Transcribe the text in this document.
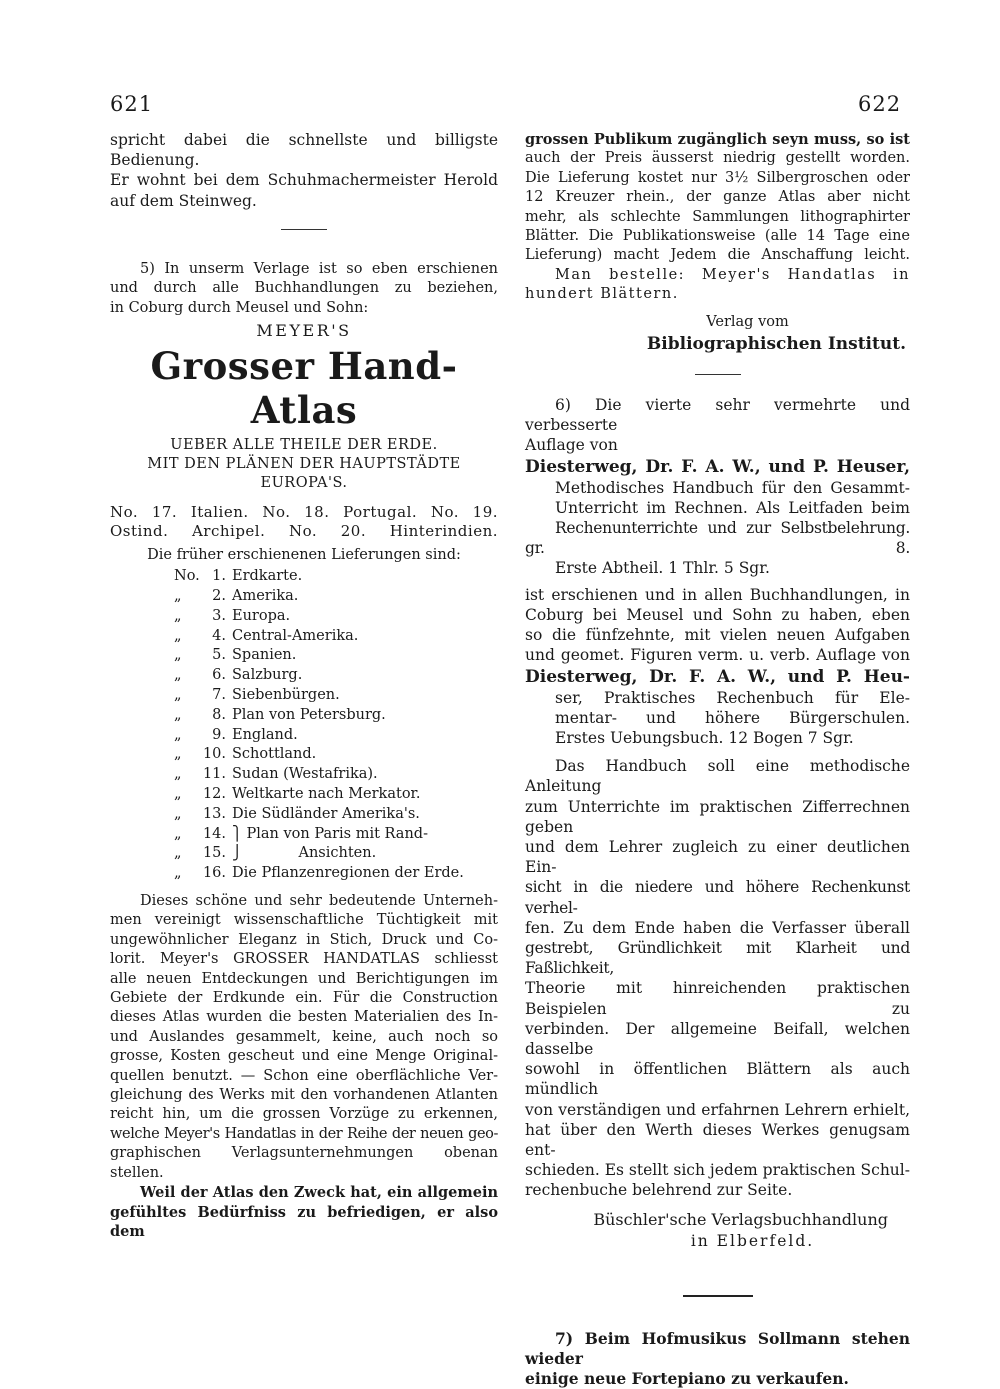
621	622

spricht dabei die schnellste und billigste Bedienung.

Er wohnt bei dem Schuhmachermeister Herold

auf dem Steinweg.

5) In unserm Verlage ist so eben erschienen

und durch alle Buchhandlungen zu beziehen,

in Coburg durch Meusel und Sohn:

MEYER'S
Grosser Hand-Atlas
UEBER ALLE THEILE DER ERDE.
MIT DEN PLÄNEN DER HAUPTSTÄDTE
EUROPA'S.

No. 17. Italien. No. 18. Portugal. No. 19.

Ostind. Archipel. No. 20. Hinterindien.

Die früher erschienenen Lieferungen sind:
No. 1. Erdkarte.
„	2. Amerika.
„	3. Europa.
„	4. Central-Amerika.
„	5. Spanien.
„	6. Salzburg.
„	7. Siebenbürgen.
„	8. Plan von Petersburg.
„	9. England.
„	10. Schottland.
„	11. Sudan (Westafrika).
„	12. Weltkarte nach Merkator.
„	13. Die Südländer Amerika's.
„	14. ⎫ Plan von Paris mit Rand-
„	15. ⎭	Ansichten.
„	16. Die Pflanzenregionen der Erde.

Dieses schöne und sehr bedeutende Unterneh-

men vereinigt wissenschaftliche Tüchtigkeit mit

ungewöhnlicher Eleganz in Stich, Druck und Co-

lorit. Meyer's GROSSER HANDATLAS schliesst

alle neuen Entdeckungen und Berichtigungen im

Gebiete der Erdkunde ein. Für die Construction

dieses Atlas wurden die besten Materialien des In-

und Auslandes gesammelt, keine, auch noch so

grosse, Kosten gescheut und eine Menge Original-

quellen benutzt. — Schon eine oberflächliche Ver-

gleichung des Werks mit den vorhandenen Atlanten

reicht hin, um die grossen Vorzüge zu erkennen,

welche Meyer's Handatlas in der Reihe der neuen geo-

graphischen Verlagsunternehmungen obenan stellen.

Weil der Atlas den Zweck hat, ein allgemein

gefühltes Bedürfniss zu befriedigen, er also dem

grossen Publikum zugänglich seyn muss, so ist

auch der Preis äusserst niedrig gestellt worden.

Die Lieferung kostet nur 3½ Silbergroschen oder

12 Kreuzer rhein., der ganze Atlas aber nicht

mehr, als schlechte Sammlungen lithographirter

Blätter. Die Publikationsweise (alle 14 Tage eine

Lieferung) macht Jedem die Anschaffung leicht.

Man bestelle: Meyer's Handatlas in

hundert Blättern.

Verlag vom
Bibliographischen Institut.

6) Die vierte sehr vermehrte und verbesserte

Auflage von

Diesterweg, Dr. F. A. W., und P. Heuser,

Methodisches Handbuch für den Gesammt-

Unterricht im Rechnen. Als Leitfaden beim

Rechenunterrichte und zur Selbstbelehrung. gr. 8.

Erste Abtheil. 1 Thlr. 5 Sgr.

ist erschienen und in allen Buchhandlungen, in

Coburg bei Meusel und Sohn zu haben, eben

so die fünfzehnte, mit vielen neuen Aufgaben

und geomet. Figuren verm. u. verb. Auflage von

Diesterweg, Dr. F. A. W., und P. Heu-

ser, Praktisches Rechenbuch für Ele-

mentar- und höhere Bürgerschulen.

Erstes Uebungsbuch. 12 Bogen 7 Sgr.

Das Handbuch soll eine methodische Anleitung

zum Unterrichte im praktischen Zifferrechnen geben

und dem Lehrer zugleich zu einer deutlichen Ein-

sicht in die niedere und höhere Rechenkunst verhel-

fen. Zu dem Ende haben die Verfasser überall

gestrebt, Gründlichkeit mit Klarheit und Faßlichkeit,

Theorie mit hinreichenden praktischen Beispielen zu

verbinden. Der allgemeine Beifall, welchen dasselbe

sowohl in öffentlichen Blättern als auch mündlich

von verständigen und erfahrnen Lehrern erhielt,

hat über den Werth dieses Werkes genugsam ent-

schieden. Es stellt sich jedem praktischen Schul-

rechenbuche belehrend zur Seite.

Büschler'sche Verlagsbuchhandlung
in Elberfeld.

7) Beim Hofmusikus Sollmann stehen wieder

einige neue Fortepiano zu verkaufen.
